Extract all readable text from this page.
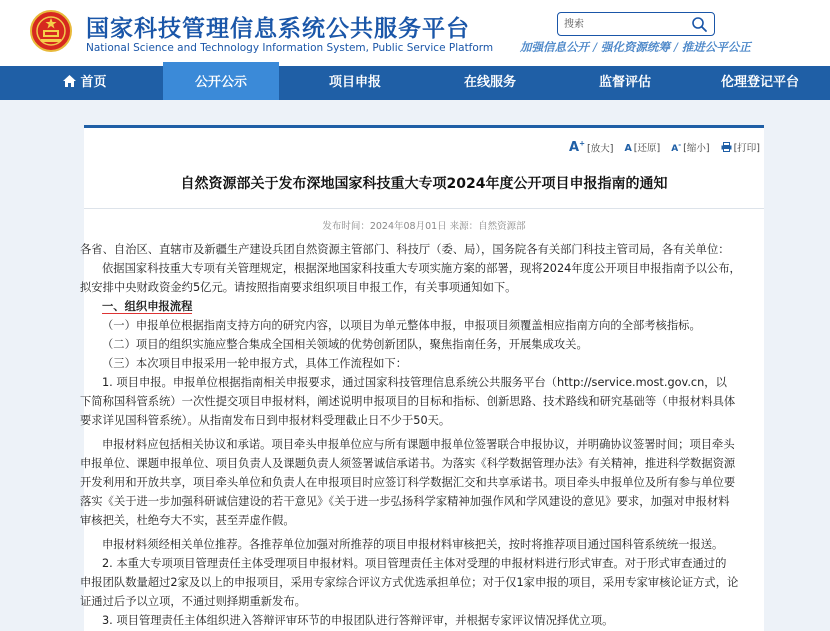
国家科技管理信息系统公共服务平台
National Science and Technology Information System, Public Service Platform
搜索 加强信息公开 / 强化资源统筹 / 推进公平公正
首页	公开公示	项目申报	在线服务	监督评估	伦理登记平台
A+ [放大] A [还原] A- [缩小]	[打印]
自然资源部关于发布深地国家科技重大专项2024年度公开项目申报指南的通知
发布时间：2024年08月01日 来源：自然资源部
各省、自治区、直辖市及新疆生产建设兵团自然资源主管部门、科技厅（委、局），国务院各有关部门科技主管司局，各有关单位：
依据国家科技重大专项有关管理规定，根据深地国家科技重大专项实施方案的部署，现将2024年度公开项目申报指南予以公布，
拟安排中央财政资金约5亿元。请按照指南要求组织项目申报工作，有关事项通知如下。
一、组织申报流程
（一）申报单位根据指南支持方向的研究内容，以项目为单元整体申报，申报项目须覆盖相应指南方向的全部考核指标。
（二）项目的组织实施应整合集成全国相关领域的优势创新团队，聚焦指南任务，开展集成攻关。
（三）本次项目申报采用一轮申报方式，具体工作流程如下：
1. 项目申报。申报单位根据指南相关申报要求，通过国家科技管理信息系统公共服务平台（http://service.most.gov.cn，以
下简称国科管系统）一次性提交项目申报材料，阐述说明申报项目的目标和指标、创新思路、技术路线和研究基础等（申报材料具体
要求详见国科管系统）。从指南发布日到申报材料受理截止日不少于50天。
申报材料应包括相关协议和承诺。项目牵头申报单位应与所有课题申报单位签署联合申报协议，并明确协议签署时间；项目牵头
申报单位、课题申报单位、项目负责人及课题负责人须签署诚信承诺书。为落实《科学数据管理办法》有关精神，推进科学数据资源
开发利用和开放共享，项目牵头单位和负责人在申报项目时应签订科学数据汇交和共享承诺书。项目牵头申报单位及所有参与单位要
落实《关于进一步加强科研诚信建设的若干意见》《关于进一步弘扬科学家精神加强作风和学风建设的意见》要求，加强对申报材料
审核把关，杜绝夸大不实，甚至弄虚作假。
申报材料须经相关单位推荐。各推荐单位加强对所推荐的项目申报材料审核把关，按时将推荐项目通过国科管系统统一报送。
2. 本重大专项项目管理责任主体受理项目申报材料。项目管理责任主体对受理的申报材料进行形式审查。对于形式审查通过的
申报团队数量超过2家及以上的申报项目，采用专家综合评议方式优选承担单位；对于仅1家申报的项目，采用专家审核论证方式，论
证通过后予以立项，不通过则择期重新发布。
3. 项目管理责任主体组织进入答辩评审环节的申报团队进行答辩评审，并根据专家评议情况择优立项。
